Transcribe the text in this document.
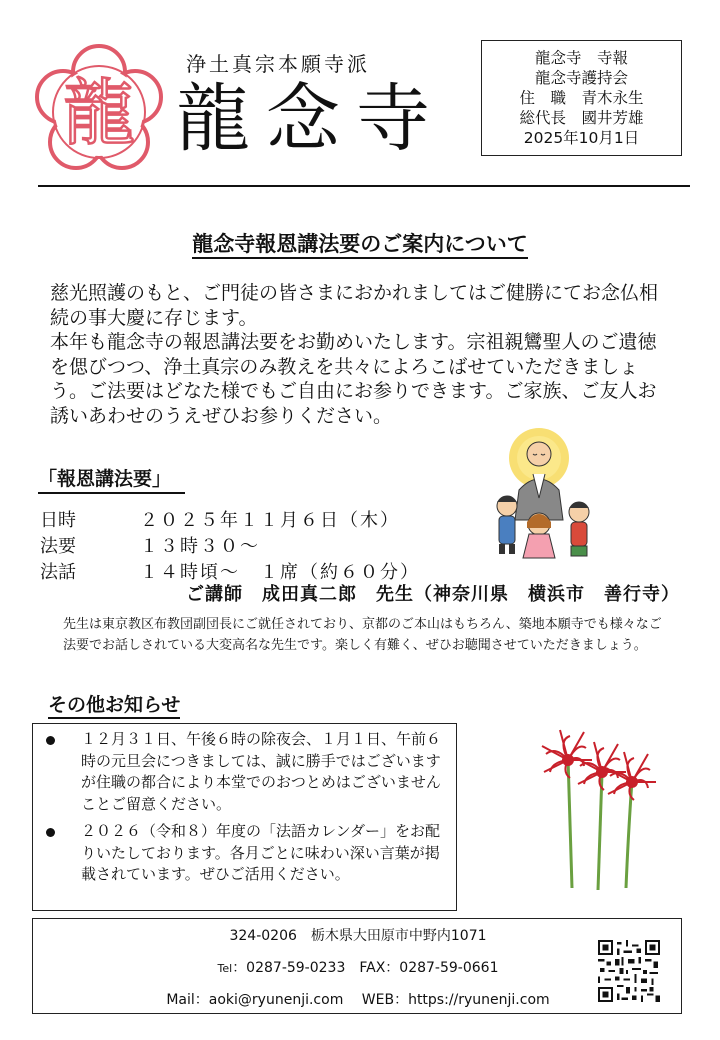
龍
浄土真宗本願寺派
龍念寺
龍念寺　寺報
龍念寺護持会
住　職　青木永生
総代長　國井芳雄
2025年10月1日
龍念寺報恩講法要のご案内について

慈光照護のもと、ご門徒の皆さまにおかれましてはご健勝にてお念仏相続の事大慶に存じます。

本年も龍念寺の報恩講法要をお勤めいたします。宗祖親鸞聖人のご遺徳を偲びつつ、浄土真宗のみ教えを共々によろこばせていただきましょう。ご法要はどなた様でもご自由にお参りできます。ご家族、ご友人お誘いあわせのうえぜひお参りください。

「報恩講法要」
日時	２０２５年１１月６日（木）
法要	１３時３０～
法話	１４時頃～　１席（約６０分）
ご講師　成田真二郎　先生（神奈川県　横浜市　善行寺）
先生は東京教区布教団副団長にご就任されており、京都のご本山はもちろん、築地本願寺でも様々なご法要でお話しされている大変高名な先生です。楽しく有難く、ぜひお聴聞させていただきましょう。
その他お知らせ
１２月３１日、午後６時の除夜会、１月１日、午前６時の元旦会につきましては、誠に勝手ではございますが住職の都合により本堂でのおつとめはございませんことご留意ください。
２０２６（令和８）年度の「法語カレンダー」をお配りいたしております。各月ごとに味わい深い言葉が掲載されています。ぜひご活用ください。
324-0206　栃木県大田原市中野内1071
Tel：0287-59-0233　FAX：0287-59-0661
Mail：aoki@ryunenji.com　 WEB：https://ryunenji.com
